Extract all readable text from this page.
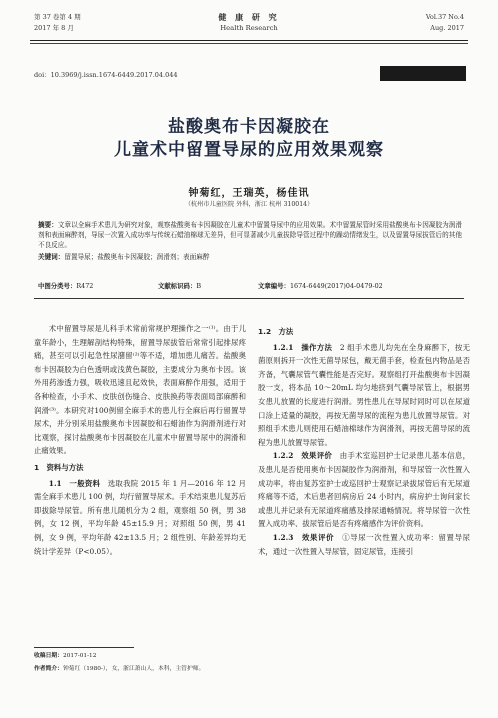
第 37 卷第 4 期
2017 年 8 月
健 康 研 究
Health Research
Vol.37 No.4
Aug. 2017
doi：10.3969/j.issn.1674-6449.2017.04.044
盐酸奥布卡因凝胶在
儿童术中留置导尿的应用效果观察
钟菊红，王瑞英，杨佳讯
（杭州市儿童医院 外科，浙江 杭州 310014）
摘要：文章以全麻手术患儿为研究对象，观察盐酸奥布卡因凝胶在儿童术中留置导尿中的应用效果。术中留置尿管时采用盐酸奥布卡因凝胶为润滑剂和表面麻醉剂，导尿一次置入成功率与传统石蜡油棉球无差异，但可显著减少儿童拔除导管过程中的躁动情绪发生，以及留置导尿拔管后的其他不良反应。
关键词：留置导尿；盐酸奥布卡因凝胶；润滑剂；表面麻醉
中图分类号：R472	文献标识码：B	文章编号：1674-6449(2017)04-0479-02

术中留置导尿是儿科手术常前常规护理操作之一⁽¹⁾。由于儿童年龄小，生理解剖结构特殊，留置导尿拔管后常常引起排尿疼痛，甚至可以引起急性尿潴留⁽²⁾等不适，增加患儿痛苦。盐酸奥布卡因凝胶为白色透明或浅黄色凝胶，主要成分为奥布卡因。该外用药渗透力强，吸收迅速且起效快，表面麻醉作用强，适用于各种检查，小手术、皮肤创伤缝合、皮肤换药等表面局部麻醉和润滑⁽³⁾。本研究对100例留全麻手术的患儿行全麻后再行留置导尿术，并分别采用盐酸奥布卡因凝胶和石蜡油作为润滑剂进行对比观察，探讨盐酸奥布卡因凝胶在儿童术中留置导尿中的润滑和止痛效果。

1　资料与方法

1.1　一般资料　 选取我院 2015 年 1 月—2016 年 12 月需全麻手术患儿 100 例，均行留置导尿术。手术结束患儿复苏后即拔除导尿管。所有患儿随机分为 2 组，观察组 50 例，男 38 例，女 12 例，平均年龄 45±15.9 月；对照组 50 例，男 41 例，女 9 例，平均年龄 42±13.5 月；2 组性别、年龄差异均无统计学差异（P<0.05）。

1.2　方法

1.2.1　操作方法　 2 组手术患儿均先在全身麻醉下，按无菌原则拆开一次性无菌导尿包，戴无菌手套，检查包内物品是否齐备，气囊尿管气囊性能是否完好。观察组打开盐酸奥布卡因凝胶一支，将本品 10～20mL 均匀地挤到气囊导尿管上，根据男女患儿放置的长度进行润滑。男性患儿在导尿时同时可以在尿道口涂上适量的凝胶，再按无菌导尿的流程为患儿放置导尿管。对照组手术患儿则使用石蜡油棉球作为润滑剂，再按无菌导尿的流程为患儿放置导尿管。

1.2.2　效果评价　 由手术室巡回护士记录患儿基本信息，及患儿是否使用奥布卡因凝胶作为润滑剂，和导尿管一次性置入成功率，将由复苏室护士或巡回护士观察记录拔尿管后有无尿道疼痛等不适，术后患者回病房后 24 小时内，病房护士询问家长或患儿并记录有无尿道疼痛感及排尿通畅情况。将导尿管一次性置入成功率、拔尿管后是否有疼痛感作为评价资料。

1.2.3　效果评价　 ①导尿一次性置入成功率：留置导尿术，通过一次性置入导尿管，固定尿管，连接引

收稿日期：2017-01-12
作者简介：钟菊红（1980-），女，浙江萧山人，本科，主管护师。
